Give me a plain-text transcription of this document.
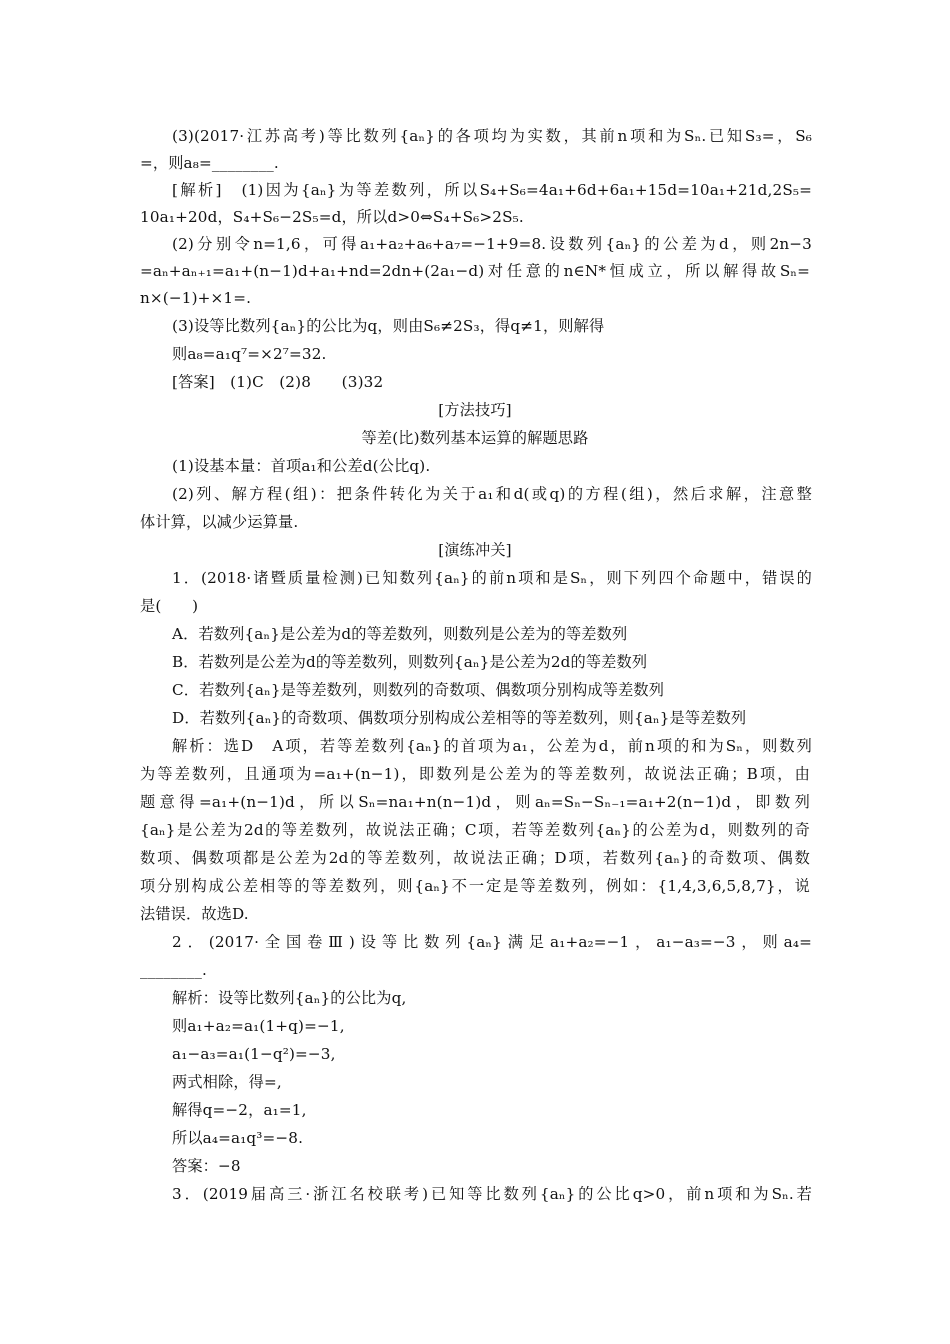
(3)(2017·江苏高考)等比数列{aₙ}的各项均为实数，其前n项和为Sₙ.已知S₃=，S₆
=，则a₈=________.
[解析]　(1)因为{aₙ}为等差数列，所以S₄+S₆=4a₁+6d+6a₁+15d=10a₁+21d,2S₅=
10a₁+20d，S₄+S₆−2S₅=d，所以d>0⇔S₄+S₆>2S₅.
(2)分别令n=1,6，可得a₁+a₂+a₆+a₇=−1+9=8.设数列{aₙ}的公差为d，则2n−3
=aₙ+aₙ₊₁=a₁+(n−1)d+a₁+nd=2dn+(2a₁−d)对任意的n∈N*恒成立，所以解得故Sₙ=
n×(−1)+×1=.
(3)设等比数列{aₙ}的公比为q，则由S₆≠2S₃，得q≠1，则解得
则a₈=a₁q⁷=×2⁷=32.
[答案]　(1)C　(2)8　　(3)32
[方法技巧]
等差(比)数列基本运算的解题思路
(1)设基本量：首项a₁和公差d(公比q).
(2)列、解方程(组)：把条件转化为关于a₁和d(或q)的方程(组)，然后求解，注意整
体计算，以减少运算量.
[演练冲关]
1．(2018·诸暨质量检测)已知数列{aₙ}的前n项和是Sₙ，则下列四个命题中，错误的
是(　　)
A．若数列{aₙ}是公差为d的等差数列，则数列是公差为的等差数列
B．若数列是公差为d的等差数列，则数列{aₙ}是公差为2d的等差数列
C．若数列{aₙ}是等差数列，则数列的奇数项、偶数项分别构成等差数列
D．若数列{aₙ}的奇数项、偶数项分别构成公差相等的等差数列，则{aₙ}是等差数列
解析：选D　A项，若等差数列{aₙ}的首项为a₁，公差为d，前n项的和为Sₙ，则数列
为等差数列，且通项为=a₁+(n−1)，即数列是公差为的等差数列，故说法正确；B项，由
题意得=a₁+(n−1)d，所以Sₙ=na₁+n(n−1)d，则aₙ=Sₙ−Sₙ₋₁=a₁+2(n−1)d，即数列
{aₙ}是公差为2d的等差数列，故说法正确；C项，若等差数列{aₙ}的公差为d，则数列的奇
数项、偶数项都是公差为2d的等差数列，故说法正确；D项，若数列{aₙ}的奇数项、偶数
项分别构成公差相等的等差数列，则{aₙ}不一定是等差数列，例如：{1,4,3,6,5,8,7}，说
法错误．故选D.
2．(2017·全国卷Ⅲ)设等比数列{aₙ}满足a₁+a₂=−1，a₁−a₃=−3，则a₄=
________.
解析：设等比数列{aₙ}的公比为q,
则a₁+a₂=a₁(1+q)=−1,
a₁−a₃=a₁(1−q²)=−3,
两式相除，得=,
解得q=−2，a₁=1,
所以a₄=a₁q³=−8.
答案：−8
3．(2019届高三·浙江名校联考)已知等比数列{aₙ}的公比q>0，前n项和为Sₙ.若
